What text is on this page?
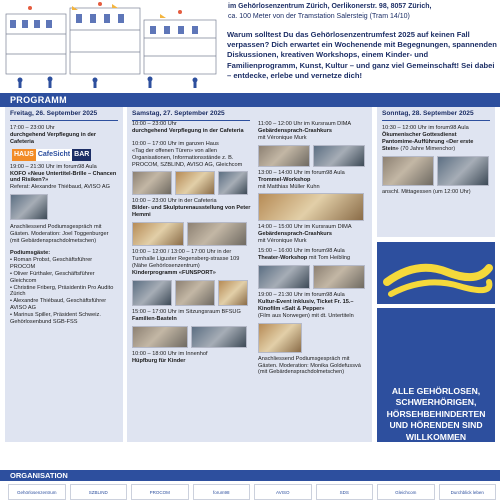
im Gehörlosenzentrum Zürich, Oerlikonerstr. 98, 8057 Zürich,
ca. 100 Meter von der Tramstation Salersteig (Tram 14/10)
Warum solltest Du das Gehörlosenzentrumfest 2025 auf keinen Fall verpassen? Dich erwartet ein Wochenende mit Begegnungen, spannenden Diskussionen, kreativen Workshops, einem Kinder- und Familienprogramm, Kunst, Kultur – und ganz viel Gemeinschaft! Sei dabei – entdecke, erlebe und vernetze dich!
PROGRAMM
Freitag, 26. September 2025
17:00 – 23:00 Uhr
durchgehend Verpflegung in der Cafeteria
HAUS CafeSicht BAR
19:00 – 21:30 Uhr im forum98 Aula
KOFO «Neue Untertitel-Brille – Chancen und Risiken?»
Referat: Alexandre Thiébaud, AVISO AG
Anschliessend Podiumsgespräch mit Gästen. Moderation: Joel Toggenburger (mit Gebärdensprachdolmetschen)
Podiumsgäste:
• Roman Probst, Geschäftsführer PROCOM
• Oliver Fürthaler, Geschäftsführer Gleichcom
• Christine Friberg, Präsidentin Pro Audito Zürich
• Alexandre Thiébaud, Geschäftsführer AVISO AG
• Marinus Spiller, Präsident Schweiz. Gehörlosenbund SGB-FSS
Samstag, 27. September 2025
10:00 – 23:00 Uhr
durchgehend Verpflegung in der Cafeteria
10:00 – 17:00 Uhr im ganzen Haus
«Tag der offenen Türen» von allen Organisationen, Informationsstände z. B. PROCOM, SZBLIND, AVISO AG, Gleichcom
10:00 – 23:00 Uhr in der Cafeteria
Bilder- und Skulpturenausstellung von Peter Hemmi
10:00 – 12:00 / 13:00 – 17:00 Uhr in der Turnhalle Liguster Regensberg-strasse 109 (Nähe Gehörlosenzentrum)
Kinderprogramm «FUNSPORT»
15:00 – 17:00 Uhr im Sitzungsraum BFSUG
Familien-Basteln
10:00 – 18:00 Uhr im Innenhof
Hüpfburg für Kinder
11:00 – 12:00 Uhr im Kursraum DIMA
Gebärdensprach-Crashkurs
mit Véronique Murk
13:00 – 14:00 Uhr im forum98 Aula
Trommel-Workshop
mit Matthias Müller Kuhn
14:00 – 15:00 Uhr im Kursraum DIMA
Gebärdensprach-Crashkurs
mit Véronique Murk
15:00 – 16:00 Uhr im forum98 Aula
Theater-Workshop mit Tom Heibling
19:00 – 21:30 Uhr im forum98 Aula
Kultur-Event inklusiv, Ticket Fr. 15.– Kinofilm «Salt & Pepper»
(Film aus Norwegen) mit dt. Untertiteln
Anschliessend Podiumsgespräch mit Gästen. Moderation: Monika Goldefussvá (mit Gebärdensprachdolmetschen)
Sonntag, 28. September 2025
10:30 – 12:00 Uhr im forum98 Aula
Ökumenischer Gottesdienst Pantomime-Aufführung «Der erste Stein» (70 Jahre Mimenchor)
anschl. Mittagessen (um 12:00 Uhr)
ALLE GEHÖRLOSEN, SCHWERHÖRIGEN, HÖRSEHBEHINDERTEN UND HÖRENDEN SIND WILLKOMMEN
ORGANISATION
Gehörlosenzentrum	SZBLIND	PROCOM	forum98	AVISO	SDS	Gleichcom	Durchblick leben
